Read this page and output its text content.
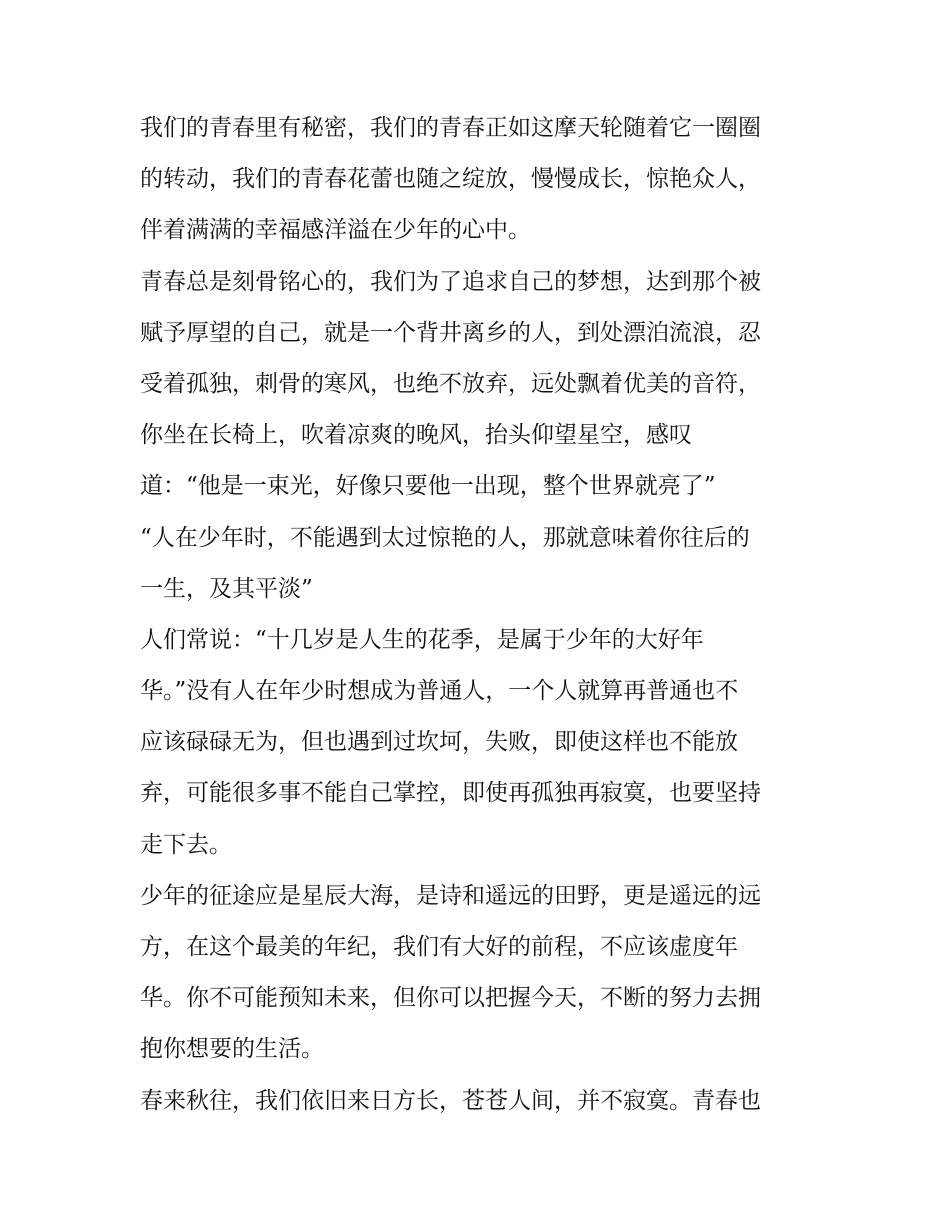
我们的青春里有秘密，我们的青春正如这摩天轮随着它一圈圈
的转动，我们的青春花蕾也随之绽放，慢慢成长，惊艳众人，
伴着满满的幸福感洋溢在少年的心中。
青春总是刻骨铭心的，我们为了追求自己的梦想，达到那个被
赋予厚望的自己，就是一个背井离乡的人，到处漂泊流浪，忍
受着孤独，刺骨的寒风，也绝不放弃，远处飘着优美的音符，
你坐在长椅上，吹着凉爽的晚风，抬头仰望星空，感叹
道：“他是一束光，好像只要他一出现，整个世界就亮了”
“人在少年时，不能遇到太过惊艳的人，那就意味着你往后的
一生，及其平淡”
人们常说：“十几岁是人生的花季，是属于少年的大好年
华。”没有人在年少时想成为普通人，一个人就算再普通也不
应该碌碌无为，但也遇到过坎坷，失败，即使这样也不能放
弃，可能很多事不能自己掌控，即使再孤独再寂寞，也要坚持
走下去。
少年的征途应是星辰大海，是诗和遥远的田野，更是遥远的远
方，在这个最美的年纪，我们有大好的前程，不应该虚度年
华。你不可能预知未来，但你可以把握今天，不断的努力去拥
抱你想要的生活。
春来秋往，我们依旧来日方长，苍苍人间，并不寂寞。青春也
